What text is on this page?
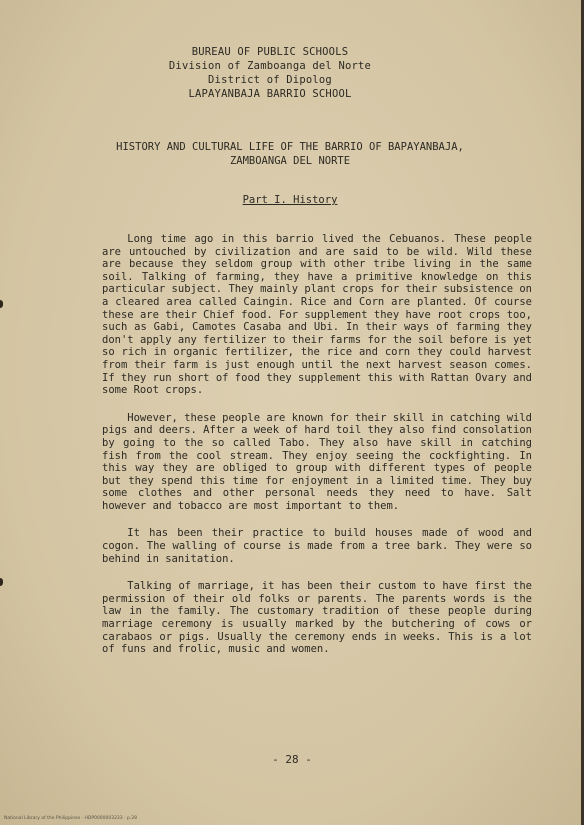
BUREAU OF PUBLIC SCHOOLS
Division of Zamboanga del Norte
District of Dipolog
LAPAYANBAJA BARRIO SCHOOL
HISTORY AND CULTURAL LIFE OF THE BARRIO OF BAPAYANBAJA,
ZAMBOANGA DEL NORTE
Part I. History

Long time ago in this barrio lived the Cebuanos. These people are untouched by civilization and are said to be wild. Wild these are because they seldom group with other tribe living in the same soil. Talking of farming, they have a primitive knowledge on this particular subject. They mainly plant crops for their subsistence on a cleared area called Caingin. Rice and Corn are planted. Of course these are their Chief food. For supplement they have root crops too, such as Gabi, Camotes Casaba and Ubi. In their ways of farming they don't apply any fertilizer to their farms for the soil before is yet so rich in organic fertilizer, the rice and corn they could harvest from their farm is just enough until the next harvest season comes. If they run short of food they supplement this with Rattan Ovary and some Root crops.

However, these people are known for their skill in catching wild pigs and deers. After a week of hard toil they also find consolation by going to the so called Tabo. They also have skill in catching fish from the cool stream. They enjoy seeing the cockfighting. In this way they are obliged to group with different types of people but they spend this time for enjoyment in a limited time. They buy some clothes and other personal needs they need to have. Salt however and tobacco are most important to them.

It has been their practice to build houses made of wood and cogon. The walling of course is made from a tree bark. They were so behind in sanitation.

Talking of marriage, it has been their custom to have first the permission of their old folks or parents. The parents words is the law in the family. The customary tradition of these people during marriage ceremony is usually marked by the butchering of cows or carabaos or pigs. Usually the ceremony ends in weeks. This is a lot of funs and frolic, music and women.

- 28 -
National Library of the Philippines · HDP0000003233 · p.28
